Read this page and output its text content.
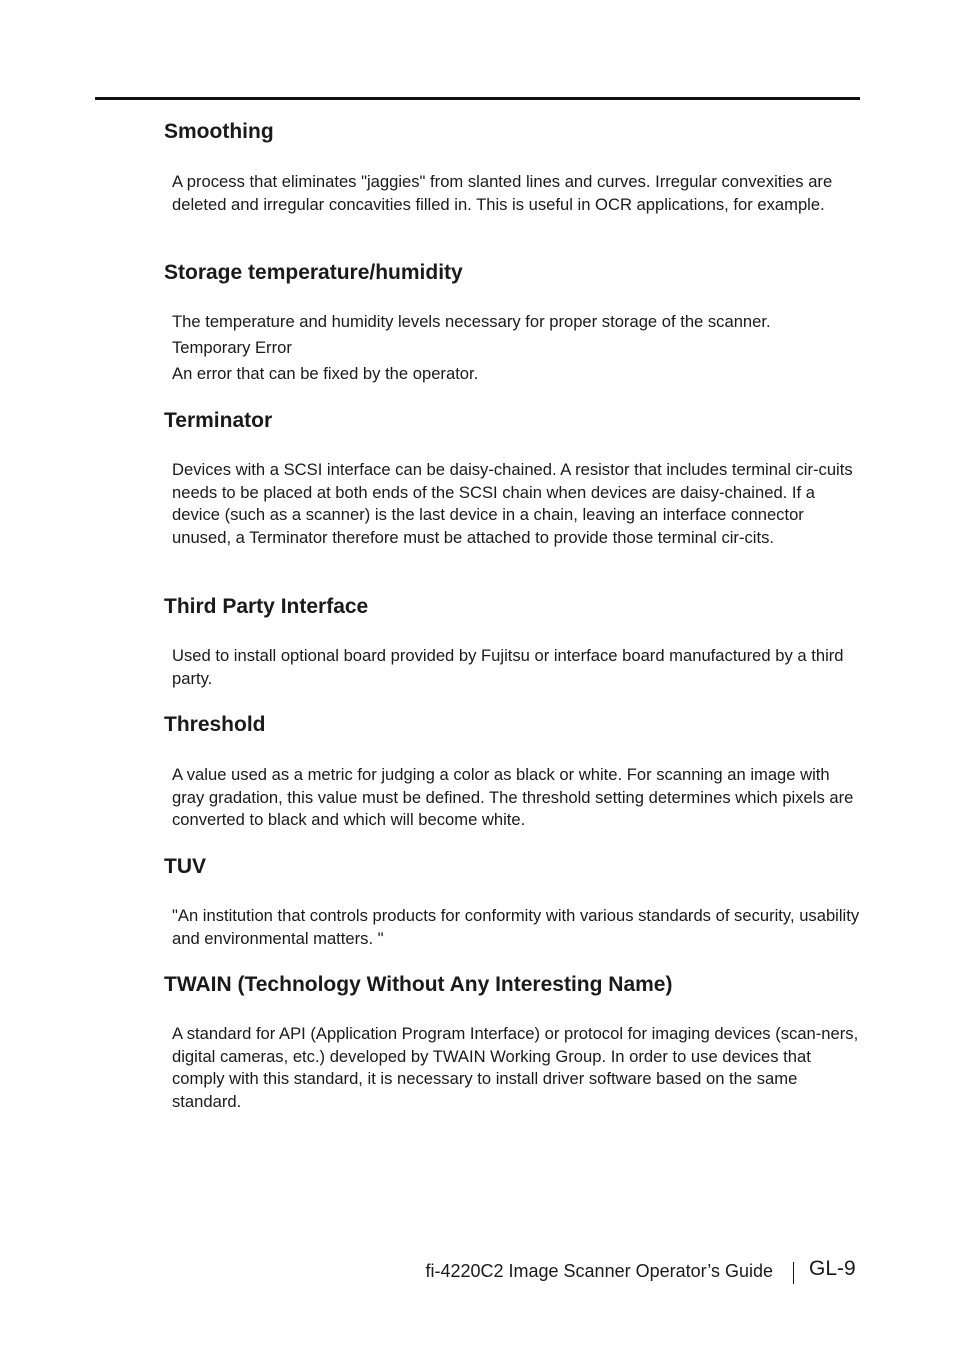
Smoothing

A process that eliminates "jaggies" from slanted lines and curves. Irregular convexities are deleted and irregular concavities filled in. This is useful in OCR applications, for example.

Storage temperature/humidity

The temperature and humidity levels necessary for proper storage of the scanner.

Temporary Error

An error that can be fixed by the operator.

Terminator

Devices with a SCSI interface can be daisy-chained. A resistor that includes terminal cir-cuits needs to be placed at both ends of the SCSI chain when devices are daisy-chained. If a device (such as a scanner) is the last device in a chain, leaving an interface connector unused, a Terminator therefore must be attached to provide those terminal cir-cits.

Third Party Interface

Used to install optional board provided by Fujitsu or interface board manufactured by a third party.

Threshold

A value used as a metric for judging a color as black or white. For scanning an image with gray gradation, this value must be defined. The threshold setting determines which pixels are converted to black and which will become white.

TUV

"An institution that controls products for conformity with various standards of security, usability and environmental matters. "

TWAIN (Technology Without Any Interesting Name)

A standard for API (Application Program Interface) or protocol for imaging devices (scan-ners, digital cameras, etc.) developed by TWAIN Working Group. In order to use devices that comply with this standard, it is necessary to install driver software based on the same standard.

fi-4220C2 Image Scanner Operator’s Guide GL-9
